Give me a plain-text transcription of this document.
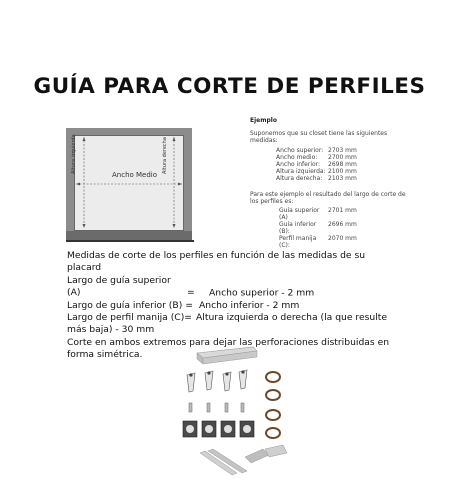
GUÍA PARA CORTE DE PERFILES
Altura izquierda	Altura derecha
Ancho Medio
Ejemplo
Suponemos que su closet tiene las siguientes medidas:
Ancho superior: 2703 mm
Ancho medio:	2700 mm
Ancho inferior:	2698 mm
Altura izquierda: 2100 mm
Altura derecha: 2103 mm
Para este ejemplo el resultado del largo de corte de los perfiles es:
Guía superior (A)
2701 mm
Guía inferior (B):
2696 mm
Perfil manija (C):
2070 mm

Medidas de corte de los perfiles en función de las medidas de su placard

Largo de guía superior (A)	= Ancho superior - 2 mm

Largo de guía inferior (B) = Ancho inferior - 2 mm

Largo de perfil manija (C)= Altura izquierda o derecha (la que resulte

más baja) - 30 mm

Corte en ambos extremos para dejar las perforaciones distribuidas en

forma simétrica.
